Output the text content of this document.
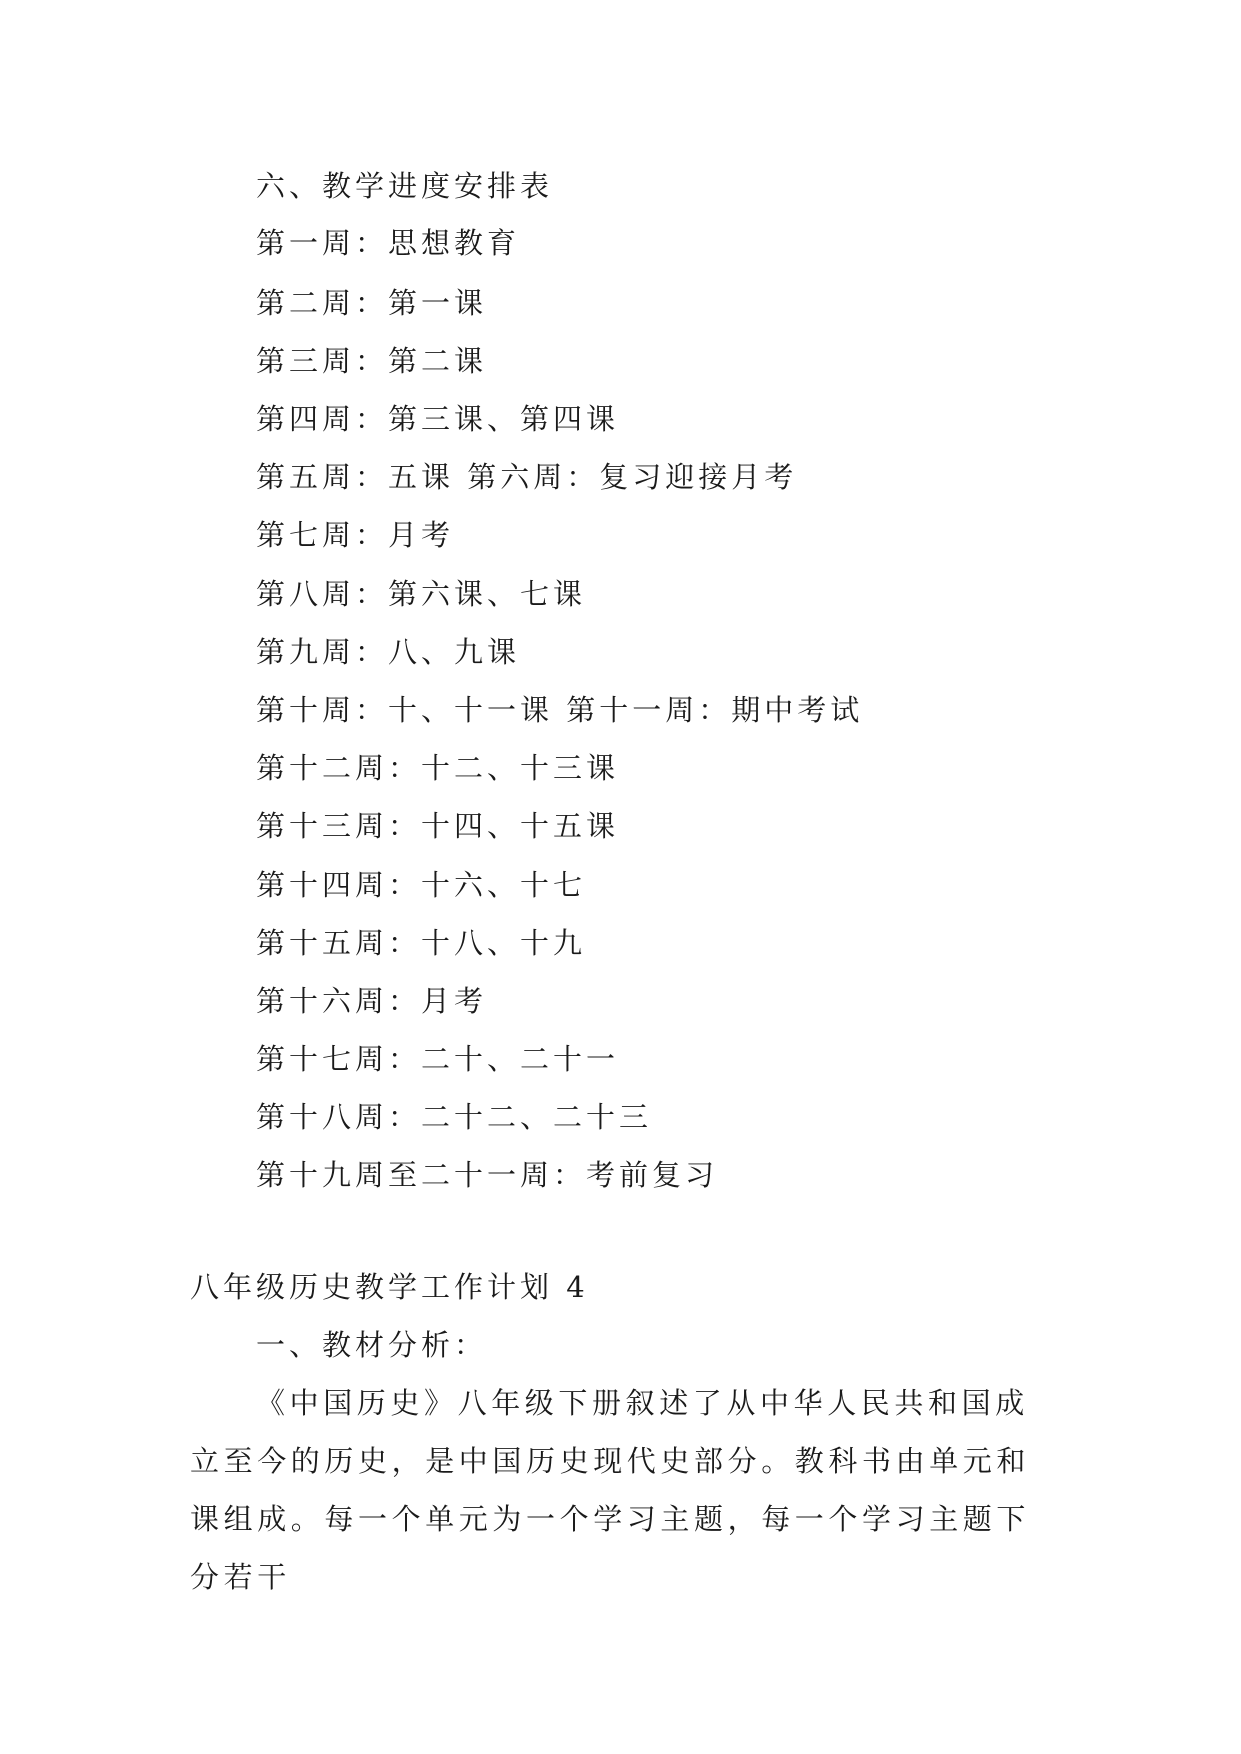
六、教学进度安排表
第一周：思想教育
第二周：第一课
第三周：第二课
第四周：第三课、第四课
第五周：五课 第六周：复习迎接月考
第七周：月考
第八周：第六课、七课
第九周：八、九课
第十周：十、十一课 第十一周：期中考试
第十二周：十二、十三课
第十三周：十四、十五课
第十四周：十六、十七
第十五周：十八、十九
第十六周：月考
第十七周：二十、二十一
第十八周：二十二、二十三
第十九周至二十一周：考前复习
八年级历史教学工作计划 4
一、教材分析：

《中国历史》八年级下册叙述了从中华人民共和国成立至今的历史，是中国历史现代史部分。教科书由单元和课组成。每一个单元为一个学习主题，每一个学习主题下分若干
